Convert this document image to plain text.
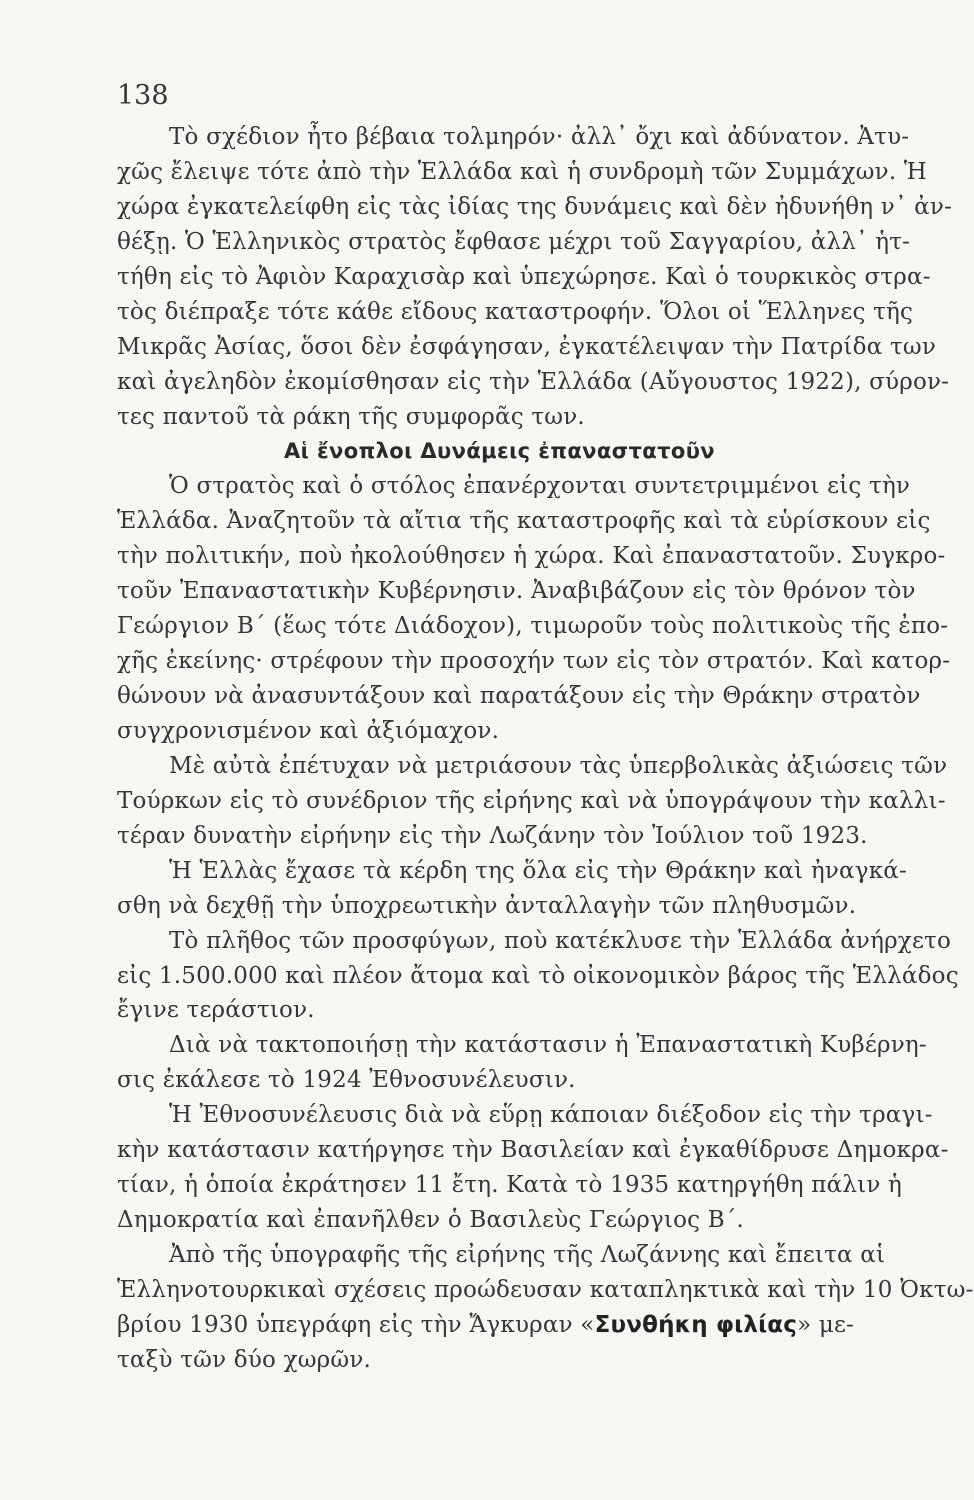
138
Τὸ σχέδιον ἦτο βέβαια τολμηρόν· ἀλλ᾽ ὄχι καὶ ἀδύνατον. Ἀτυ-
χῶς ἔλειψε τότε ἀπὸ τὴν Ἑλλάδα καὶ ἡ συνδρομὴ τῶν Συμμάχων. Ἡ
χώρα ἐγκατελείφθη εἰς τὰς ἰδίας της δυνάμεις καὶ δὲν ἠδυνήθη ν᾽ ἀν-
θέξῃ. Ὁ Ἑλληνικὸς στρατὸς ἔφθασε μέχρι τοῦ Σαγγαρίου, ἀλλ᾽ ἡτ-
τήθη εἰς τὸ Ἀφιὸν Καραχισὰρ καὶ ὑπεχώρησε. Καὶ ὁ τουρκικὸς στρα-
τὸς διέπραξε τότε κάθε εἴδους καταστροφήν. Ὅλοι οἱ Ἕλληνες τῆς
Μικρᾶς Ἀσίας, ὅσοι δὲν ἐσφάγησαν, ἐγκατέλειψαν τὴν Πατρίδα των
καὶ ἀγεληδὸν ἐκομίσθησαν εἰς τὴν Ἑλλάδα (Αὔγουστος 1922), σύρον-
τες παντοῦ τὰ ράκη τῆς συμφορᾶς των.
Αἱ ἔνοπλοι Δυνάμεις ἐπαναστατοῦν
Ὁ στρατὸς καὶ ὁ στόλος ἐπανέρχονται συντετριμμένοι εἰς τὴν
Ἑλλάδα. Ἀναζητοῦν τὰ αἴτια τῆς καταστροφῆς καὶ τὰ εὑρίσκουν εἰς
τὴν πολιτικήν, ποὺ ἠκολούθησεν ἡ χώρα. Καὶ ἐπαναστατοῦν. Συγκρο-
τοῦν Ἐπαναστατικὴν Κυβέρνησιν. Ἀναβιβάζουν εἰς τὸν θρόνον τὸν
Γεώργιον Β΄ (ἕως τότε Διάδοχον), τιμωροῦν τοὺς πολιτικοὺς τῆς ἐπο-
χῆς ἐκείνης· στρέφουν τὴν προσοχήν των εἰς τὸν στρατόν. Καὶ κατορ-
θώνουν νὰ ἀνασυντάξουν καὶ παρατάξουν εἰς τὴν Θράκην στρατὸν
συγχρονισμένον καὶ ἀξιόμαχον.
Μὲ αὐτὰ ἐπέτυχαν νὰ μετριάσουν τὰς ὑπερβολικὰς ἀξιώσεις τῶν
Τούρκων εἰς τὸ συνέδριον τῆς εἰρήνης καὶ νὰ ὑπογράψουν τὴν καλλι-
τέραν δυνατὴν εἰρήνην εἰς τὴν Λωζάνην τὸν Ἰούλιον τοῦ 1923.
Ἡ Ἑλλὰς ἔχασε τὰ κέρδη της ὅλα εἰς τὴν Θράκην καὶ ἠναγκά-
σθη νὰ δεχθῇ τὴν ὑποχρεωτικὴν ἀνταλλαγὴν τῶν πληθυσμῶν.
Τὸ πλῆθος τῶν προσφύγων, ποὺ κατέκλυσε τὴν Ἑλλάδα ἀνήρχετο
εἰς 1.500.000 καὶ πλέον ἄτομα καὶ τὸ οἰκονομικὸν βάρος τῆς Ἑλλάδος
ἔγινε τεράστιον.
Διὰ νὰ τακτοποιήσῃ τὴν κατάστασιν ἡ Ἐπαναστατικὴ Κυβέρνη-
σις ἐκάλεσε τὸ 1924 Ἐθνοσυνέλευσιν.
Ἡ Ἐθνοσυνέλευσις διὰ νὰ εὕρῃ κάποιαν διέξοδον εἰς τὴν τραγι-
κὴν κατάστασιν κατήργησε τὴν Βασιλείαν καὶ ἐγκαθίδρυσε Δημοκρα-
τίαν, ἡ ὁποία ἐκράτησεν 11 ἔτη. Κατὰ τὸ 1935 κατηργήθη πάλιν ἡ
Δημοκρατία καὶ ἐπανῆλθεν ὁ Βασιλεὺς Γεώργιος Β΄.
Ἀπὸ τῆς ὑπογραφῆς τῆς εἰρήνης τῆς Λωζάννης καὶ ἔπειτα αἱ
Ἑλληνοτουρκικαὶ σχέσεις προώδευσαν καταπληκτικὰ καὶ τὴν 10 Ὀκτω-
βρίου 1930 ὑπεγράφη εἰς τὴν Ἄγκυραν «Συνθήκη φιλίας» με-
ταξὺ τῶν δύο χωρῶν.
